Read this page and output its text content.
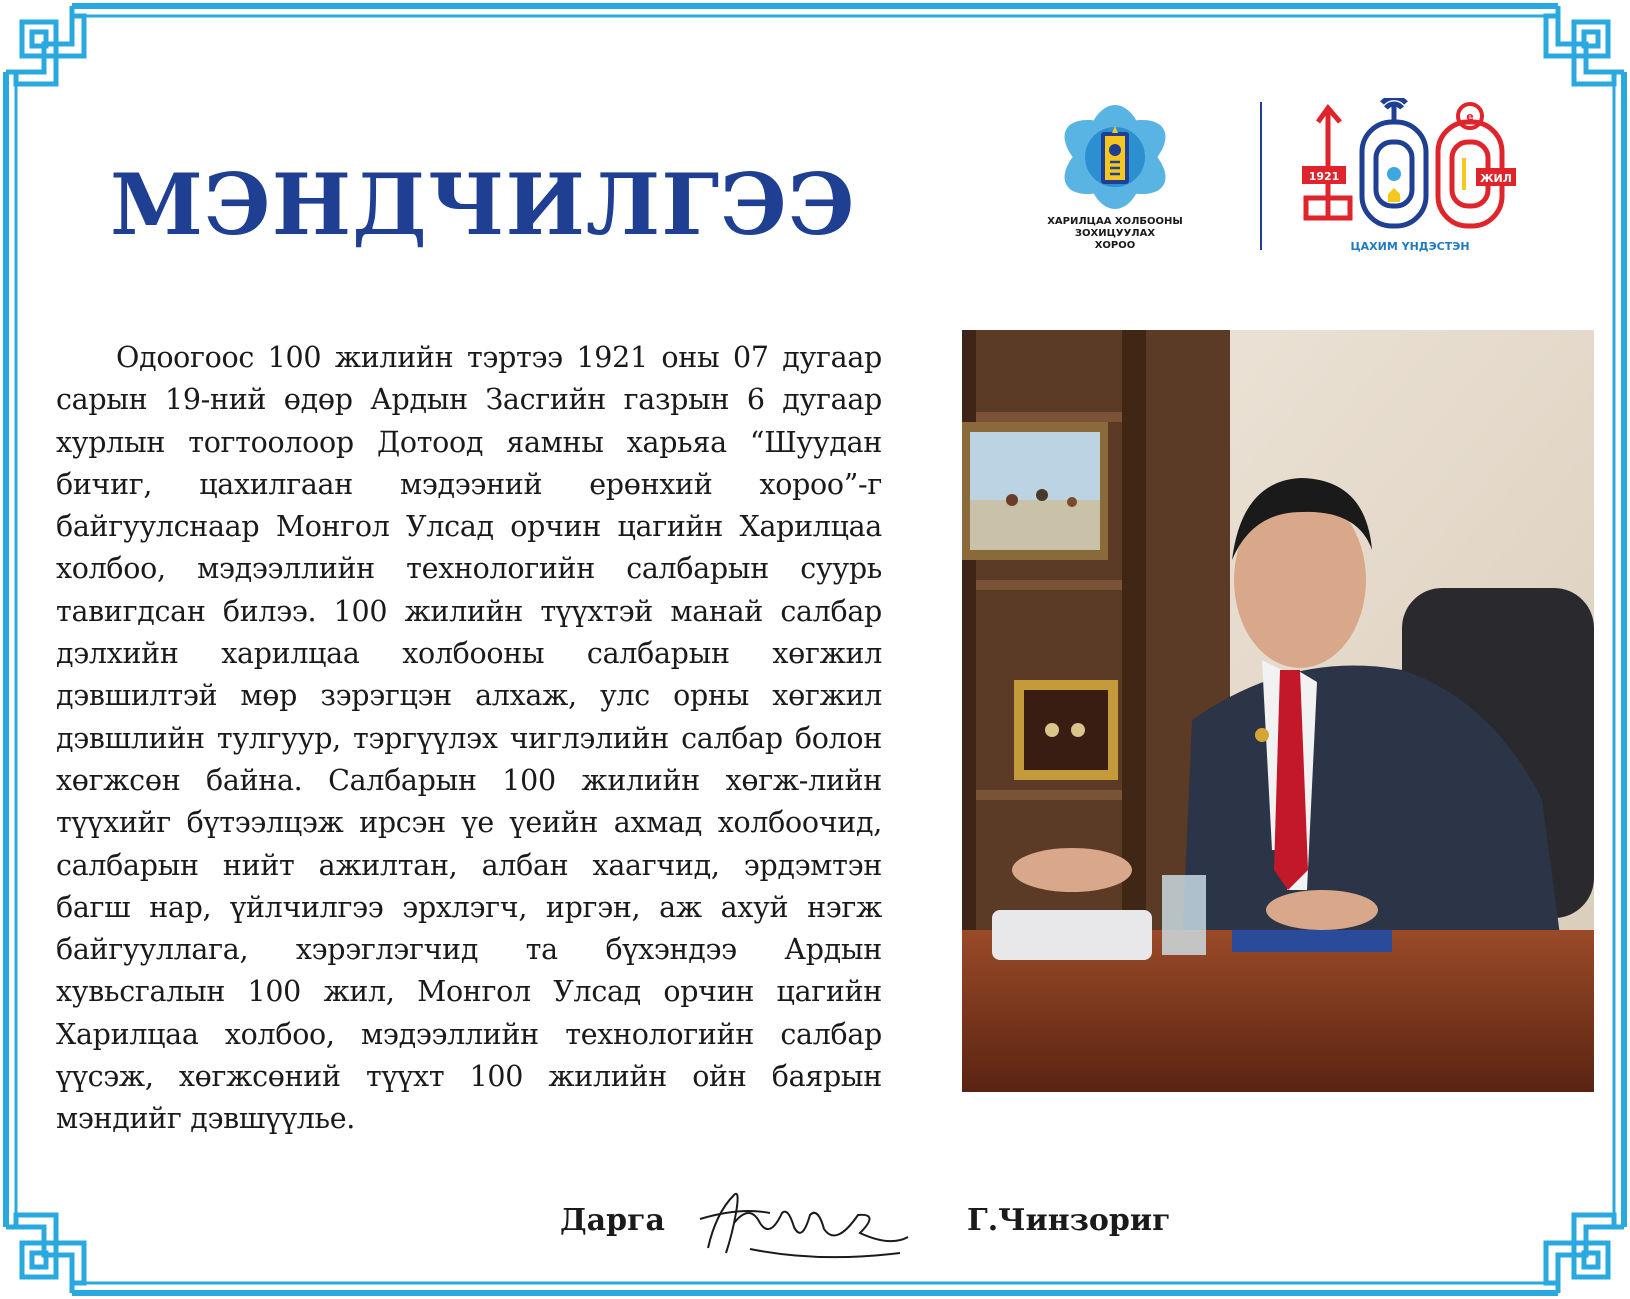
МЭНДЧИЛГЭЭ	ХАРИЛЦАА ХОЛБООНЫ
ЗОХИЦУУЛАХ
ХОРОО
1921
e
ЖИЛ
ЦАХИМ ҮНДЭСТЭН

Одоогоос 100 жилийн тэртээ 1921 оны 07 дугаар сарын 19-ний өдөр Ардын Засгийн газрын 6 дугаар хурлын тогтоолоор Дотоод яамны харьяа “Шуудан бичиг, цахилгаан мэдээний ерөнхий хороо”-г байгуулснаар Монгол Улсад орчин цагийн Харилцаа холбоо, мэдээллийн технологийн салбарын суурь тавигдсан билээ. 100 жилийн түүхтэй манай салбар дэлхийн харилцаа холбооны салбарын хөгжил дэвшилтэй мөр зэрэгцэн алхаж, улс орны хөгжил дэвшлийн тулгуур, тэргүүлэх чиглэлийн салбар болон хөгжсөн байна. Салбарын 100 жилийн хөгж-лийн түүхийг бүтээлцэж ирсэн үе үеийн ахмад холбоочид, салбарын нийт ажилтан, албан хаагчид, эрдэмтэн багш нар, үйлчилгээ эрхлэгч, иргэн, аж ахуй нэгж байгууллага, хэрэглэгчид та бүхэндээ Ардын хувьсгалын 100 жил, Монгол Улсад орчин цагийн Харилцаа холбоо, мэдээллийн технологийн салбар үүсэж, хөгжсөний түүхт 100 жилийн ойн баярын мэндийг дэвшүүлье.

Дарга	Г.Чинзориг
